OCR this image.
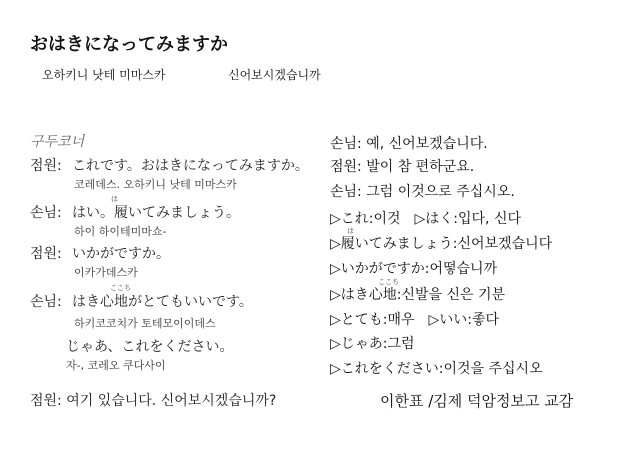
おはきになってみますか
오하키니 낫테 미마스카	신어보시겠습니까
구두코너
점원: これです。おはきになってみますか。
코레데스. 오하키니 낫테 미마스카
は
손님: はい。履いてみましょう。
하이 하이테미마쇼-
점원: いかがですか。
이카가데스카
ここち
손님: はき心地がとてもいいです。
하키코코치가 토테모이이데스
じゃあ、これをください。
자-, 코레오 쿠다사이
점원: 여기 있습니다. 신어보시겠습니까?
손님: 예, 신어보겠습니다.
점원: 발이 참 편하군요.
손님: 그럼 이것으로 주십시오.
▷これ:이것　▷はく:입다, 신다
は
▷履いてみましょう:신어보겠습니다
▷いかがですか:어떻습니까
ここち
▷はき心地:신발을 신은 기분
▷とても:매우　▷いい:좋다
▷じゃあ:그럼
▷これをください:이것을 주십시오
이한표 /김제 덕암정보고 교감
